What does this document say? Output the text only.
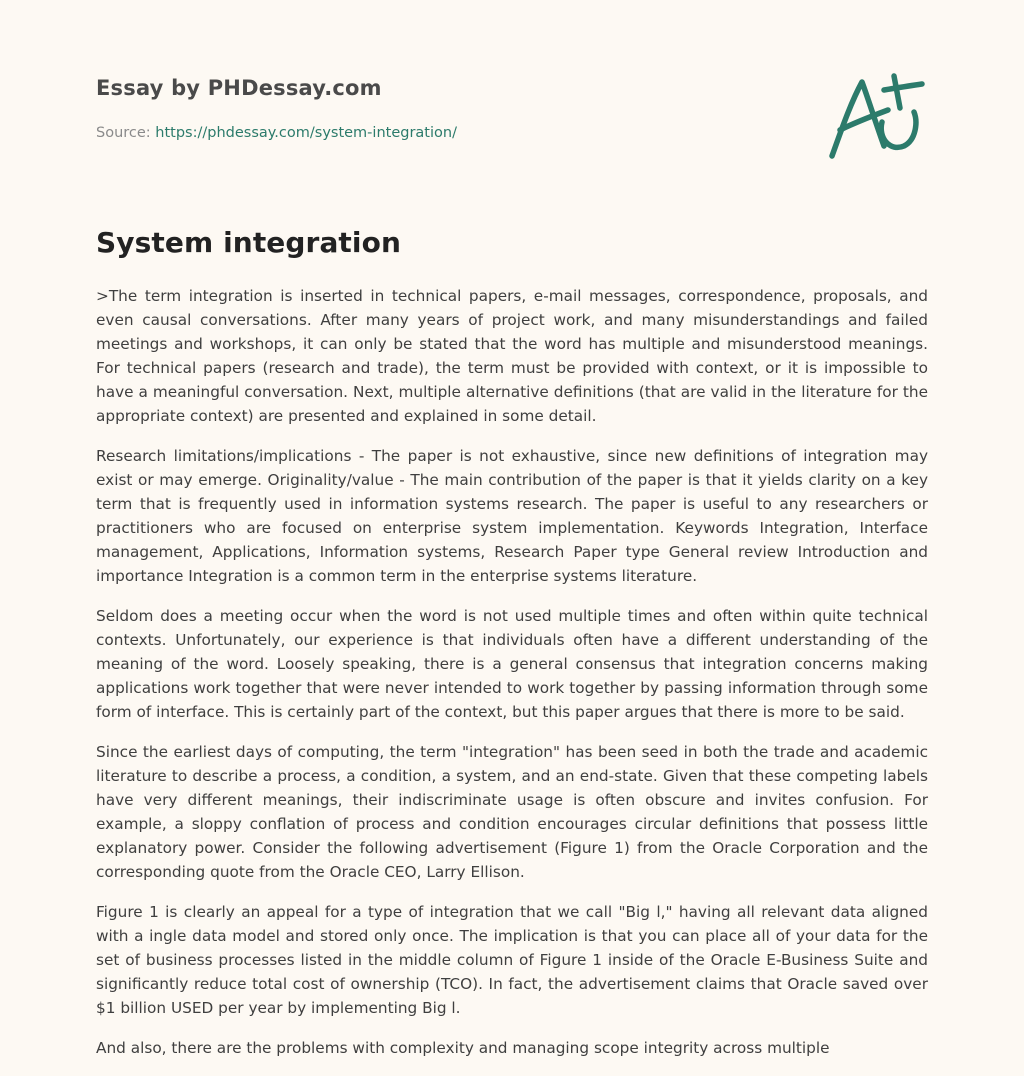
Essay by PHDessay.com
Source: https://phdessay.com/system-integration/
System integration

>The term integration is inserted in technical papers, e-mail messages, correspondence, proposals, and even causal conversations. After many years of project work, and many misunderstandings and failed meetings and workshops, it can only be stated that the word has multiple and misunderstood meanings. For technical papers (research and trade), the term must be provided with context, or it is impossible to have a meaningful conversation. Next, multiple alternative definitions (that are valid in the literature for the appropriate context) are presented and explained in some detail.

Research limitations/implications - The paper is not exhaustive, since new definitions of integration may exist or may emerge. Originality/value - The main contribution of the paper is that it yields clarity on a key term that is frequently used in information systems research. The paper is useful to any researchers or practitioners who are focused on enterprise system implementation. Keywords Integration, Interface management, Applications, Information systems, Research Paper type General review Introduction and importance Integration is a common term in the enterprise systems literature.

Seldom does a meeting occur when the word is not used multiple times and often within quite technical contexts. Unfortunately, our experience is that individuals often have a different understanding of the meaning of the word. Loosely speaking, there is a general consensus that integration concerns making applications work together that were never intended to work together by passing information through some form of interface. This is certainly part of the context, but this paper argues that there is more to be said.

Since the earliest days of computing, the term "integration" has been seed in both the trade and academic literature to describe a process, a condition, a system, and an end-state. Given that these competing labels have very different meanings, their indiscriminate usage is often obscure and invites confusion. For example, a sloppy conflation of process and condition encourages circular definitions that possess little explanatory power. Consider the following advertisement (Figure 1) from the Oracle Corporation and the corresponding quote from the Oracle CEO, Larry Ellison.

Figure 1 is clearly an appeal for a type of integration that we call "Big l," having all relevant data aligned with a ingle data model and stored only once. The implication is that you can place all of your data for the set of business processes listed in the middle column of Figure 1 inside of the Oracle E-Business Suite and significantly reduce total cost of ownership (TCO). In fact, the advertisement claims that Oracle saved over $1 billion USED per year by implementing Big l.

And also, there are the problems with complexity and managing scope integrity across multiple
